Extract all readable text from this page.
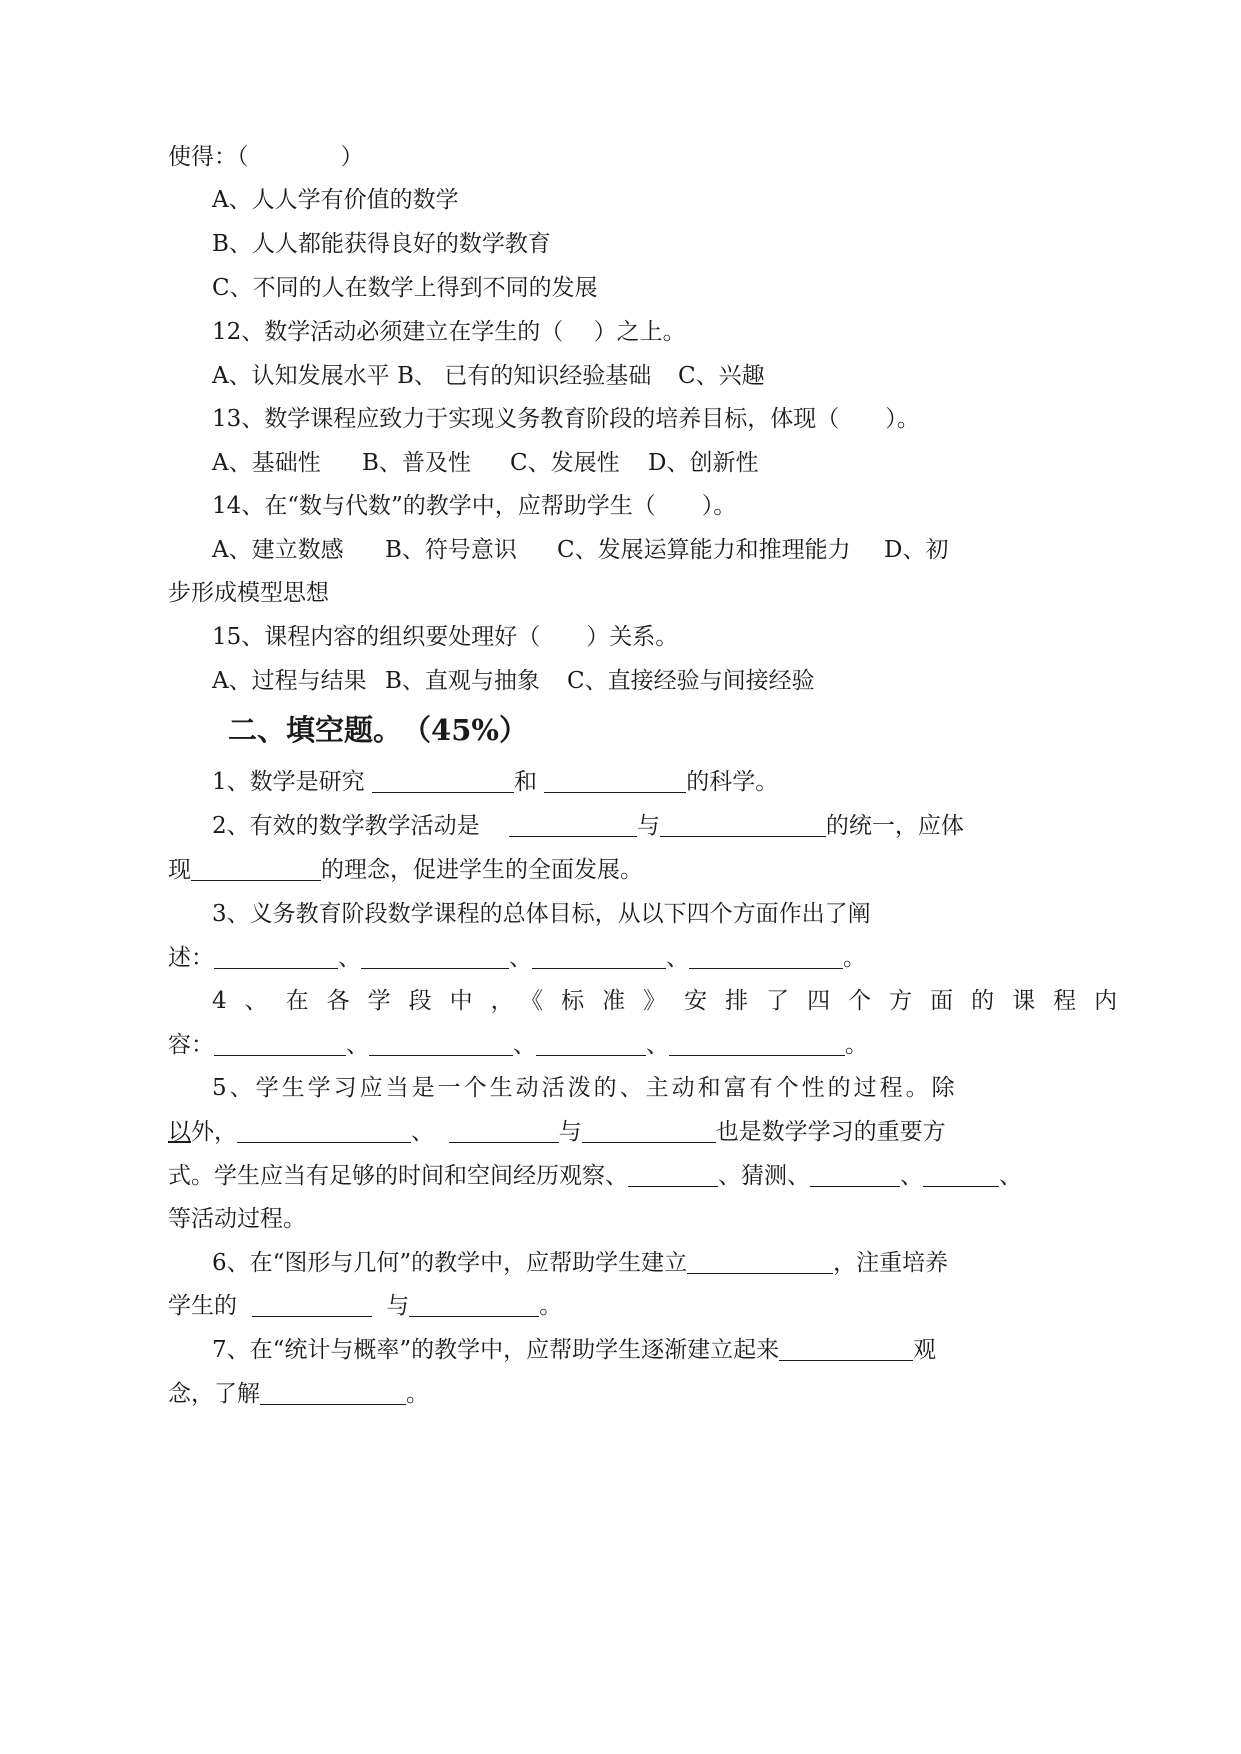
使得：（　　　　）
A、人人学有价值的数学
B、人人都能获得良好的数学教育
C、不同的人在数学上得到不同的发展
12、数学活动必须建立在学生的（　 ）之上。
A、认知发展水平 B、 已有的知识经验基础 C、兴趣
13、数学课程应致力于实现义务教育阶段的培养目标，体现（　　）。
A、基础性 B、普及性 C、发展性 D、创新性
14、在“数与代数”的教学中，应帮助学生（　　）。
A、建立数感 B、符号意识 C、发展运算能力和推理能力 D、初
步形成模型思想
15、课程内容的组织要处理好（　　）关系。
A、过程与结果 B、直观与抽象 C、直接经验与间接经验
二、填空题。　 （45%）
1、数学是研究	和	的科学。
2、有效的数学教学活动是	与	的统一，应体
现	的理念，促进学生的全面发展。
3、义务教育阶段数学课程的总体目标，从以下四个方面作出了阐
述：	、	、	、	。
4、在各学段中，《标准》安排了四个方面的课程内
容：	、	、	、	。
5、学生学习应当是一个生动活泼的、主动和富有个性的过程。除
以外，	、	与	也是数学学习的重要方
式。学生应当有足够的时间和空间经历观察、	、猜测、	、	、
等活动过程。
6、在“图形与几何”的教学中，应帮助学生建立	，注重培养
学生的	与	。
7、在“统计与概率”的教学中，应帮助学生逐渐建立起来	观
念，了解	。
